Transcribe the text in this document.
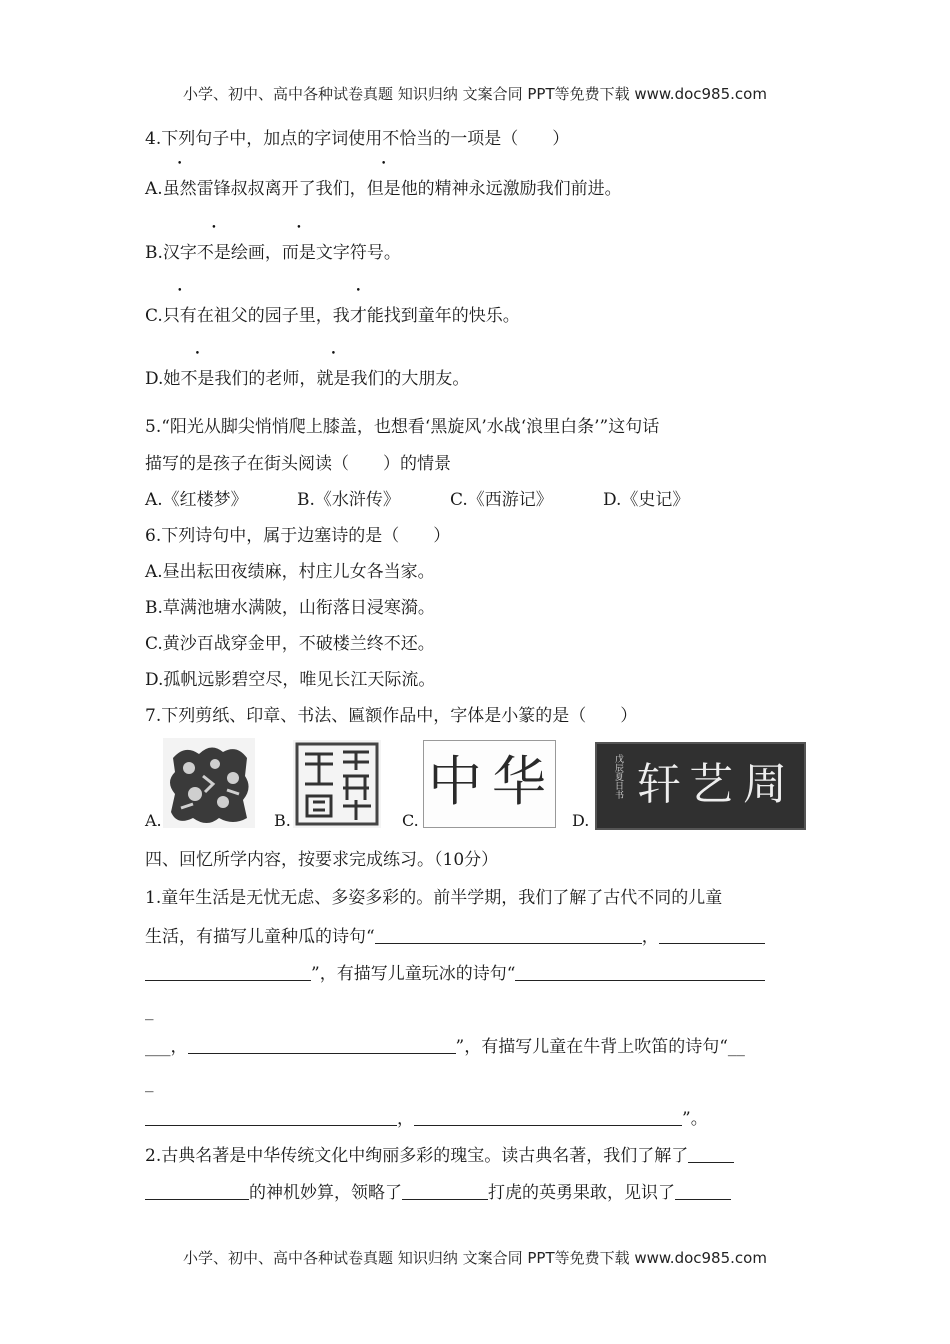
小学、初中、高中各种试卷真题 知识归纳 文案合同 PPT等免费下载 www.doc985.com
小学、初中、高中各种试卷真题 知识归纳 文案合同 PPT等免费下载 www.doc985.com
4.下列句子中，加点的字词使用不恰当的一项是（　　）
A.虽然雷锋叔叔离开了我们，但是他的精神永远激励我们前进。
B.汉字不是绘画，而是文字符号。
C.只有在祖父的园子里，我才能找到童年的快乐。
D.她不是我们的老师，就是我们的大朋友。
5.“阳光从脚尖悄悄爬上膝盖，也想看‘黑旋风’水战‘浪里白条’”这句话
描写的是孩子在街头阅读（　　）的情景
A.《红楼梦》	B.《水浒传》	C.《西游记》	D.《史记》
6.下列诗句中，属于边塞诗的是（　　）
A.昼出耘田夜绩麻，村庄儿女各当家。
B.草满池塘水满陂，山衔落日浸寒漪。
C.黄沙百战穿金甲，不破楼兰终不还。
D.孤帆远影碧空尽，唯见长江天际流。
7.下列剪纸、印章、书法、匾额作品中，字体是小篆的是（　　）
A.	B.	C.	D.
中 华	戊辰夏日书 轩 艺 周
四、回忆所学内容，按要求完成练习。（10分）
1.童年生活是无忧无虑、多姿多彩的。前半学期，我们了解了古代不同的儿童
生活，有描写儿童种瓜的诗句“	，
”，有描写儿童玩冰的诗句“
_
___，	”，有描写儿童在牛背上吹笛的诗句“__
_
，	”。
2.古典名著是中华传统文化中绚丽多彩的瑰宝。读古典名著，我们了解了
的神机妙算，领略了	打虎的英勇果敢，见识了
